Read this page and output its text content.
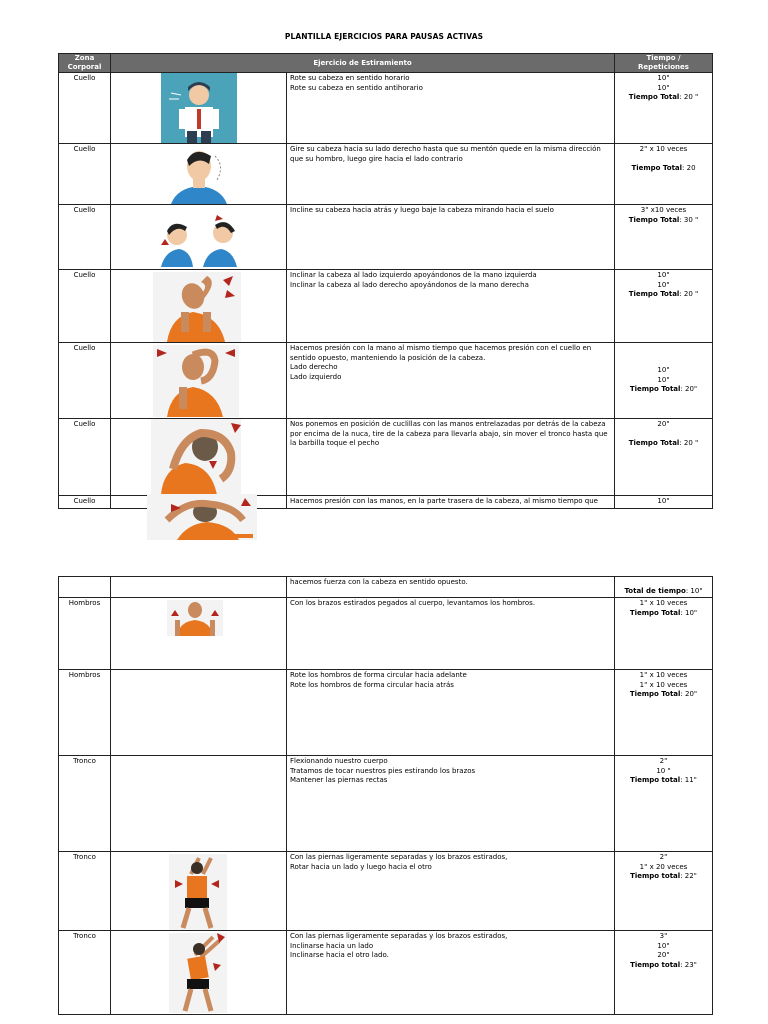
PLANTILLA EJERCICIOS PARA PAUSAS ACTIVAS
Zona
Corporal	Ejercicio de Estiramiento		Tiempo /
Repeticiones
Cuello		Rote su cabeza en sentido horario
Rote su cabeza en sentido antihorario	10"
10"
Tiempo Total: 20 "

Cuello		Gire su cabeza hacia su lado derecho hasta que su mentón quede en la misma dirección que su hombro, luego gire hacia el lado contrario	2" x 10 veces
Tiempo Total: 20

Cuello		Incline su cabeza hacia atrás y luego baje la cabeza mirando hacia el suelo	3" x10 veces
Tiempo Total: 30 "

Cuello		Inclinar la cabeza al lado izquierdo apoyándonos de la mano izquierda
Inclinar la cabeza al lado derecho apoyándonos de la mano derecha	10"
10"
Tiempo Total: 20 "

Cuello		Hacemos presión con la mano al mismo tiempo que hacemos presión con el cuello en sentido opuesto, manteniendo la posición de la cabeza.
Lado derecho
Lado izquierdo	10"
10"
Tiempo Total: 20"

Cuello		Nos ponemos en posición de cuclillas con las manos entrelazadas por detrás de la cabeza por encima de la nuca, tire de la cabeza para llevarla abajo, sin mover el tronco hasta que la barbilla toque el pecho	20"
Tiempo Total: 20 "

Cuello		Hacemos presión con las manos, en la parte trasera de la cabeza, al mismo tiempo que	10"

		hacemos fuerza con la cabeza en sentido opuesto.	Total de tiempo: 10"

Hombros		Con los brazos estirados pegados al cuerpo, levantamos los hombros.	1" x 10 veces
Tiempo Total: 10"

Hombros		Rote los hombros de forma circular hacia adelante
Rote los hombros de forma circular hacia atrás	1" x 10 veces
1" x 10 veces
Tiempo Total: 20"

Tronco		Flexionando nuestro cuerpo
Tratamos de tocar nuestros pies estirando los brazos
Mantener las piernas rectas	2"
10 "
Tiempo total: 11"

Tronco		Con las piernas ligeramente separadas y los brazos estirados,
Rotar hacia un lado y luego hacia el otro	2"
1" x 20 veces
Tiempo total: 22"

Tronco		Con las piernas ligeramente separadas y los brazos estirados,
Inclinarse hacia un lado
Inclinarse hacia el otro lado.	3"
10"
20"
Tiempo total: 23"
